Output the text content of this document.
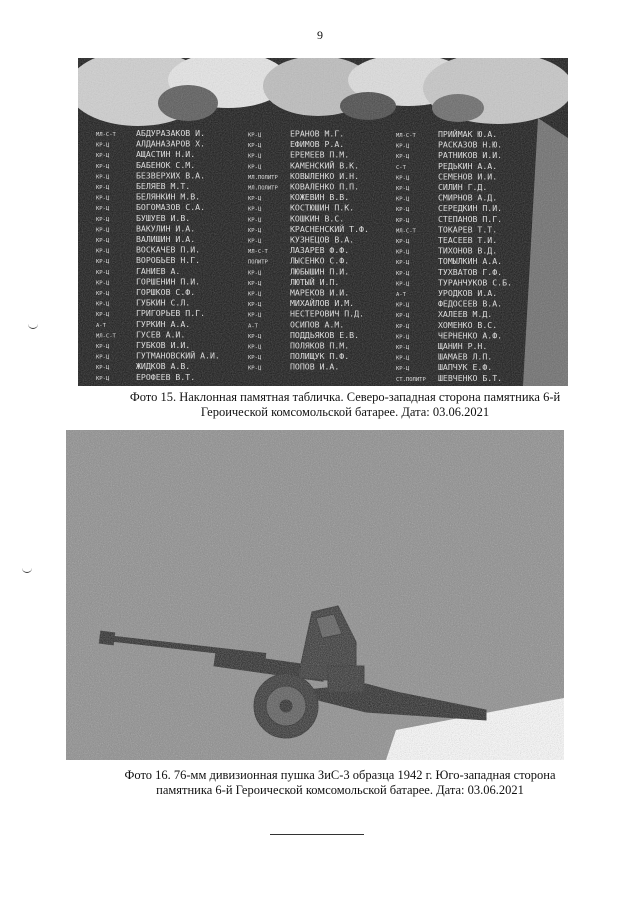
9
Фото 15. Наклонная памятная табличка. Северо-западная сторона памятника 6-й
Героической комсомольской батарее. Дата: 03.06.2021
Фото 16. 76-мм дивизионная пушка ЗиС-3 образца 1942 г. Юго-западная сторона
памятника 6-й Героической комсомольской батарее. Дата: 03.06.2021
